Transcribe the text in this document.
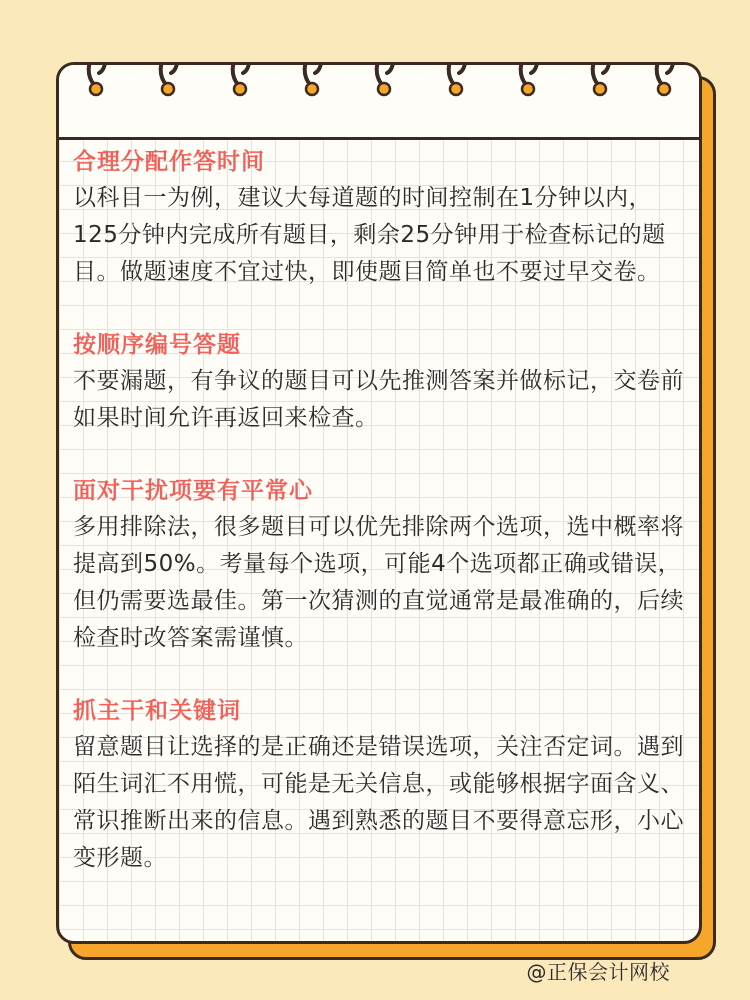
合理分配作答时间
以科目一为例，建议大每道题的时间控制在1分钟以内，125分钟内完成所有题目，剩余25分钟用于检查标记的题目。做题速度不宜过快，即使题目简单也不要过早交卷。
按顺序编号答题
不要漏题，有争议的题目可以先推测答案并做标记，交卷前如果时间允许再返回来检查。
面对干扰项要有平常心
多用排除法，很多题目可以优先排除两个选项，选中概率将提高到50%。考量每个选项，可能4个选项都正确或错误，但仍需要选最佳。第一次猜测的直觉通常是最准确的，后续检查时改答案需谨慎。
抓主干和关键词
留意题目让选择的是正确还是错误选项，关注否定词。遇到陌生词汇不用慌，可能是无关信息，或能够根据字面含义、常识推断出来的信息。遇到熟悉的题目不要得意忘形，小心变形题。
@正保会计网校
